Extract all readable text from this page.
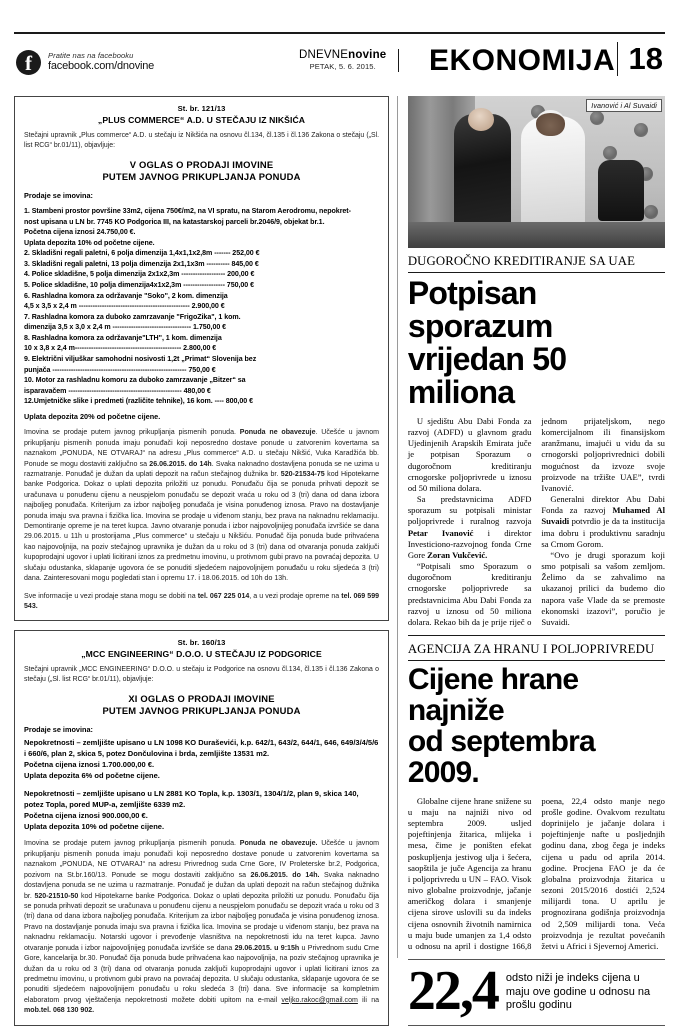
f	Pratite nas na facebooku
facebook.com/dnovine
DNEVNEnovine
PETAK, 5. 6. 2015.	EKONOMIJA 18
St. br. 121/13
„PLUS COMMERCE“ A.D. U STEČAJU IZ NIKŠIĆA
Stečajni upravnik „Plus commerce“ A.D. u stečaju iz Nikšića na osnovu čl.134, čl.135 i čl.136 Zakona o stečaju („Sl. list RCG“ br.01/11), objavljuje:
V OGLAS O PRODAJI IMOVINE
PUTEM JAVNOG PRIKUPLJANJA PONUDA
Prodaje se imovina:

1. Stambeni prostor površine 33m2, cijena 750€/m2, na VI spratu, na Starom Aerodromu, nepokret-

nost upisana u LN br. 7745 KO Podgorica III, na katastarskoj parceli br.2046/9, objekat br.1.

Početna cijena iznosi 24.750,00 €.

Uplata depozita 10% od početne cijene.

2. Skladišni regali paletni, 6 polja dimenzija 1,4x1,1x2,8m ------- 252,00 €

3. Skladišni regali paletni, 13 polja dimenzija 2x1,1x3m ---------- 845,00 €

4. Police skladišne, 5 polja dimenzija 2x1x2,3m ------------------- 200,00 €

5. Police skladišne, 10 polja dimenzija4x1x2,3m ------------------ 750,00 €

6. Rashladna komora za održavanje "Soko", 2 kom. dimenzija

4,5 x 3,5 x 2,4 m ------------------------------------------------ 2.900,00 €

7. Rashladna komora za duboko zamrzavanje "FrigoZika", 1 kom.

dimenzija 3,5 x 3,0 x 2,4 m ---------------------------------- 1.750,00 €

8. Rashladna komora za održavanje"LTH", 1 kom. dimenzija

10 x 3,8 x 2,4 m---------------------------------------------- 2.800,00 €

9. Električni viljuškar samohodni nosivosti 1,2t „Primat“ Slovenija bez

punjača ---------------------------------------------------------- 750,00 €

10. Motor za rashladnu komoru za duboko zamrzavanje „Bitzer“ sa

isparavačem ------------------------------------------------- 480,00 €

12.Umjetničke slike i predmeti (različite tehnike), 16 kom. ---- 800,00 €

Uplata depozita 20% od početne cijene.
Imovina se prodaje putem javnog prikupljanja pismenih ponuda. Ponuda ne obavezuje. Učešće u javnom prikupljanju pismenih ponuda imaju ponuđači koji neposredno dostave ponude u zatvorenim kovertama sa naznakom „PONUDA, NE OTVARAJ“ na adresu „Plus commerce“ A.D. u stečaju Nikšić, Vuka Karadžića bb. Ponude se mogu dostaviti zaključno sa 26.06.2015. do 14h. Svaka naknadno dostavljena ponuda se ne uzima u razmatranje. Ponuđač je dužan da uplati depozit na račun stečajnog dužnika br. 520-21534-75 kod Hipotekarne banke Podgorica. Dokaz o uplati depozita priložiti uz ponudu. Ponuđaču čija se ponuda prihvati depozit se uračunava u ponuđenu cijenu a neuspjelom ponuđaču se depozit vraća u roku od 3 (tri) dana od dana izbora najboljeg ponuđača. Kriterijum za izbor najboljeg ponuđača je visina ponuđenog iznosa. Pravo na dostavljanje ponuda imaju sva pravna i fizička lica. Imovina se prodaje u viđenom stanju, bez prava na naknadnu reklamaciju. Demontiranje opreme je na teret kupca. Javno otvaranje ponuda i izbor najpovoljnijeg ponuđača izvršiće se dana 29.06.2015. u 11h u prostorijama „Plus commerce“ u stečaju u Nikšiću. Ponuđač čija ponuda bude prihvaćena kao najpovoljnija, na poziv stečajnog upravnika je dužan da u roku od 3 (tri) dana od otvaranja ponuda zaključi kupoprodajni ugovor i uplati licitirani iznos za predmetnu imovinu, u protivnom gubi pravo na povraćaj depozita. U slučaju odustanka, sklapanje ugovora će se ponuditi sljedećem najpovoljnijem ponuđaču u roku sljedeća 3 (tri) dana. Zainteresovani mogu pogledati stan i opremu 17. i 18.06.2015. od 10h do 13h.
Sve informacije u vezi prodaje stana mogu se dobiti na tel. 067 225 014, a u vezi prodaje opreme na tel. 069 599 543.
St. br. 160/13
„MCC ENGINEERING“ D.O.O. U STEČAJU IZ PODGORICE
Stečajni upravnik „MCC ENGINEERING“ D.O.O. u stečaju iz Podgorice na osnovu čl.134, čl.135 i čl.136 Zakona o stečaju („Sl. list RCG“ br.01/11), objavljuje:
XI OGLAS O PRODAJI IMOVINE
PUTEM JAVNOG PRIKUPLJANJA PONUDA
Prodaje se imovina:
Nepokretnosti – zemljište upisano u LN 1098 KO Duraševići, k.p. 642/1, 643/2, 644/1, 646, 649/3/4/5/6 i 660/6, plan 2, skica 5, potez Dončulovina i brda, zemljište 13531 m2.
Početna cijena iznosi 1.700.000,00 €.
Uplata depozita 6% od početne cijene.
Nepokretnosti – zemljište upisano u LN 2881 KO Topla, k.p. 1303/1, 1304/1/2, plan 9, skica 140, potez Topla, pored MUP-a, zemljište 6339 m2.
Početna cijena iznosi 900.000,00 €.
Uplata depozita 10% od početne cijene.
Imovina se prodaje putem javnog prikupljanja pismenih ponuda. Ponuda ne obavezuje. Učešće u javnom prikupljanju pismenih ponuda imaju ponuđači koji neposredno dostave ponude u zatvorenim kovertama sa naznakom „PONUDA, NE OTVARAJ“ na adresu Privrednog suda Crne Gore, IV Proleterske br.2, Podgorica, pozivom na St.br.160/13. Ponude se mogu dostaviti zaključno sa 26.06.2015. do 14h. Svaka naknadno dostavljena ponuda se ne uzima u razmatranje. Ponuđač je dužan da uplati depozit na račun stečajnog dužnika br. 520-21510-50 kod Hipotekarne banke Podgorica. Dokaz o uplati depozita priložiti uz ponudu. Ponuđaču čija se ponuda prihvati depozit se uračunava u ponuđenu cijenu a neuspjelom ponuđaču se depozit vraća u roku od 3 (tri) dana od dana izbora najboljeg ponuđača. Kriterijum za izbor najboljeg ponuđača je visina ponuđenog iznosa. Pravo na dostavljanje ponuda imaju sva pravna i fizička lica. Imovina se prodaje u viđenom stanju, bez prava na naknadnu reklamaciju. Notarski ugovor i prevođenje vlasništva na nepokretnosti idu na teret kupca. Javno otvaranje ponuda i izbor najpovoljnijeg ponuđača izvršiće se dana 29.06.2015. u 9:15h u Privrednom sudu Crne Gore, kancelarija br.30. Ponuđač čija ponuda bude prihvaćena kao najpovoljnija, na poziv stečajnog upravnika je dužan da u roku od 3 (tri) dana od otvaranja ponuda zaključi kupoprodajni ugovor i uplati licitirani iznos za predmetnu imovinu, u protivnom gubi pravo na povraćaj depozita. U slučaju odustanka, sklapanje ugovora će se ponuditi sljedećem najpovoljnijem ponuđaču u roku sledeća 3 (tri) dana. Sve informacije sa kompletnim elaboratom prvog vještačenja nepokretnosti možete dobiti upitom na e-mail veljko.rakoc@gmail.com ili na mob.tel. 068 130 902.
Ivanović i Al Suvaidi
DUGOROČNO KREDITIRANJE SA UAE
Potpisan sporazum
vrijedan 50 miliona

U sjedištu Abu Dabi Fonda za razvoj (ADFD) u glavnom gradu Ujedinjenih Arapskih Emirata juče je potpisan Sporazum o dugoročnom kreditiranju crnogorske poljoprivrede u iznosu od 50 miliona dolara.

Sa predstavnicima ADFD sporazum su potpisali ministar poljoprivrede i ruralnog razvoja Petar Ivanović i direktor Investiciono-razvojnog fonda Crne Gore Zoran Vukčević.

“Potpisali smo Sporazum o dugoročnom kreditiranju crnogorske poljoprivrede sa predstavnicima Abu Dabi Fonda za razvoj u iznosu od 50 miliona dolara. Rekao bih da je prije riječ o jednom prijateljskom, nego komercijalnom ili finansijskom aranžmanu, imajući u vidu da su crnogorski poljoprivrednici dobili mogućnost da izvoze svoje proizvode na tržište UAE”, tvrdi Ivanović.

Generalni direktor Abu Dabi Fonda za razvoj Muhamed Al Suvaidi potvrdio je da ta institucija ima dobru i produktivnu saradnju sa Crnom Gorom.

“Ovo je drugi sporazum koji smo potpisali sa vašom zemljom. Želimo da se zahvalimo na ukazanoj prilici da budemo dio napora vaše Vlade da se premoste ekonomski izazovi”, poručio je Suvaidi.

AGENCIJA ZA HRANU I POLJOPRIVREDU
Cijene hrane najniže
od septembra 2009.

Globalne cijene hrane snižene su u maju na najniži nivo od septembra 2009. usljed pojeftinjenja žitarica, mlijeka i mesa, čime je poništen efekat poskupljenja jestivog ulja i šećera, saopštila je juče Agencija za hranu i poljoprivredu u UN – FAO. Visok nivo globalne proizvodnje, jačanje američkog dolara i smanjenje cijena sirove uslovili su da indeks cijena osnovnih životnih namirnica u maju bude umanjen za 1,4 odsto u odnosu na april i dostigne 166,8 poena, 22,4 odsto manje nego prošle godine. Ovakvom rezultatu doprinijelo je jačanje dolara i pojeftinjenje nafte u posljednjih godinu dana, zbog čega je indeks cijena u padu od aprila 2014. godine. Procjena FAO je da će globalna proizvodnja žitarica u sezoni 2015/2016 dostići 2,524 milijardi tona. U aprilu je prognozirana godišnja proizvodnja od 2,509 milijardi tona. Veća proizvodnja je rezultat povećanih žetvi u Africi i Sjevernoj Americi.

22,4 odsto niži je indeks cijena u maju ove godine u odnosu na prošlu godinu
